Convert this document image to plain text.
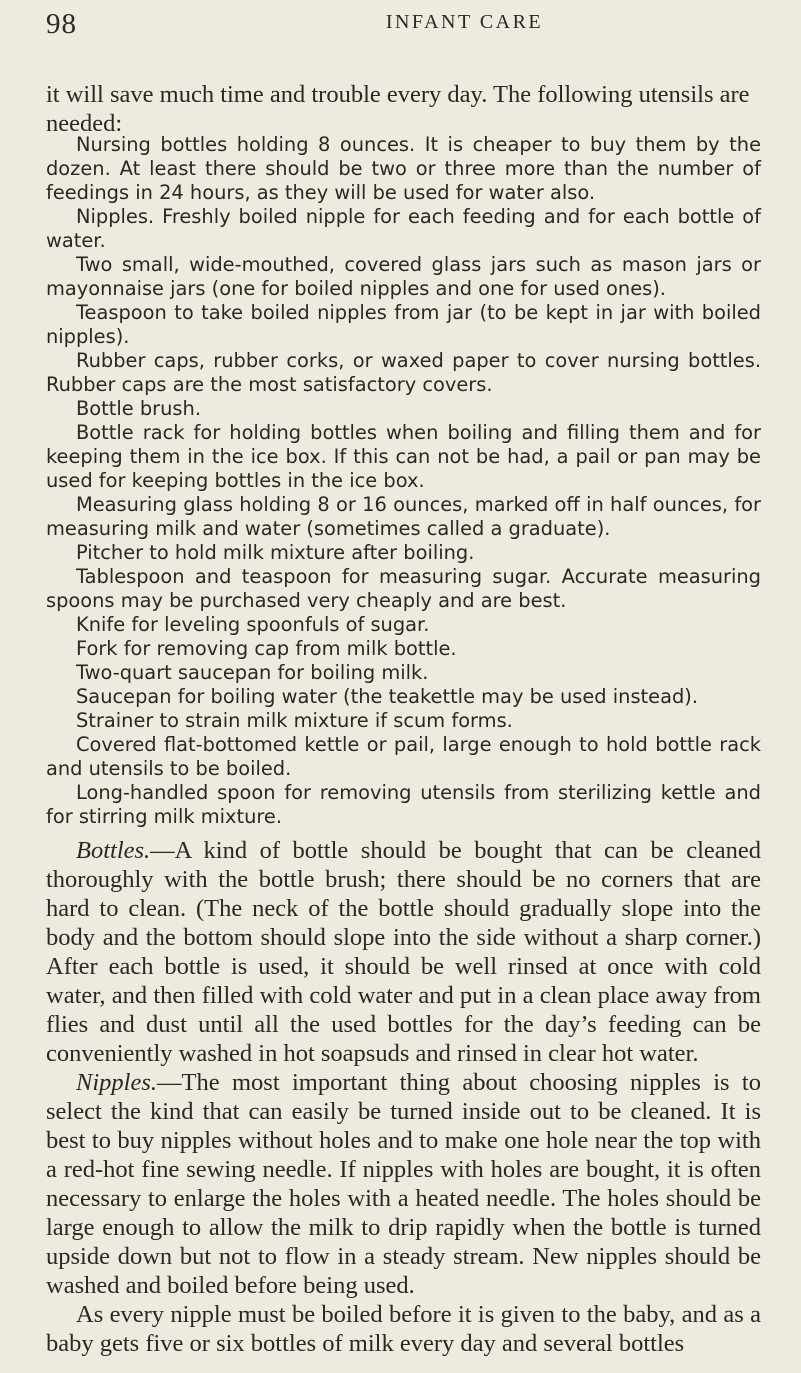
98	INFANT CARE
it will save much time and trouble every day. The following utensils are needed:

Nursing bottles holding 8 ounces. It is cheaper to buy them by the dozen. At least there should be two or three more than the number of feedings in 24 hours, as they will be used for water also.

Nipples. Freshly boiled nipple for each feeding and for each bottle of water.

Two small, wide-mouthed, covered glass jars such as mason jars or mayonnaise jars (one for boiled nipples and one for used ones).

Teaspoon to take boiled nipples from jar (to be kept in jar with boiled nipples).

Rubber caps, rubber corks, or waxed paper to cover nursing bottles. Rubber caps are the most satisfactory covers.

Bottle brush.

Bottle rack for holding bottles when boiling and filling them and for keeping them in the ice box. If this can not be had, a pail or pan may be used for keeping bottles in the ice box.

Measuring glass holding 8 or 16 ounces, marked off in half ounces, for measuring milk and water (sometimes called a graduate).

Pitcher to hold milk mixture after boiling.

Tablespoon and teaspoon for measuring sugar. Accurate measuring spoons may be purchased very cheaply and are best.

Knife for leveling spoonfuls of sugar.

Fork for removing cap from milk bottle.

Two-quart saucepan for boiling milk.

Saucepan for boiling water (the teakettle may be used instead).

Strainer to strain milk mixture if scum forms.

Covered flat-bottomed kettle or pail, large enough to hold bottle rack and utensils to be boiled.

Long-handled spoon for removing utensils from sterilizing kettle and for stirring milk mixture.

Bottles.—A kind of bottle should be bought that can be cleaned thoroughly with the bottle brush; there should be no corners that are hard to clean. (The neck of the bottle should gradually slope into the body and the bottom should slope into the side without a sharp corner.) After each bottle is used, it should be well rinsed at once with cold water, and then filled with cold water and put in a clean place away from flies and dust until all the used bottles for the day’s feeding can be conveniently washed in hot soapsuds and rinsed in clear hot water.

Nipples.—The most important thing about choosing nipples is to select the kind that can easily be turned inside out to be cleaned. It is best to buy nipples without holes and to make one hole near the top with a red-hot fine sewing needle. If nipples with holes are bought, it is often necessary to enlarge the holes with a heated needle. The holes should be large enough to allow the milk to drip rapidly when the bottle is turned upside down but not to flow in a steady stream. New nipples should be washed and boiled before being used.

As every nipple must be boiled before it is given to the baby, and as a baby gets five or six bottles of milk every day and several bottles
